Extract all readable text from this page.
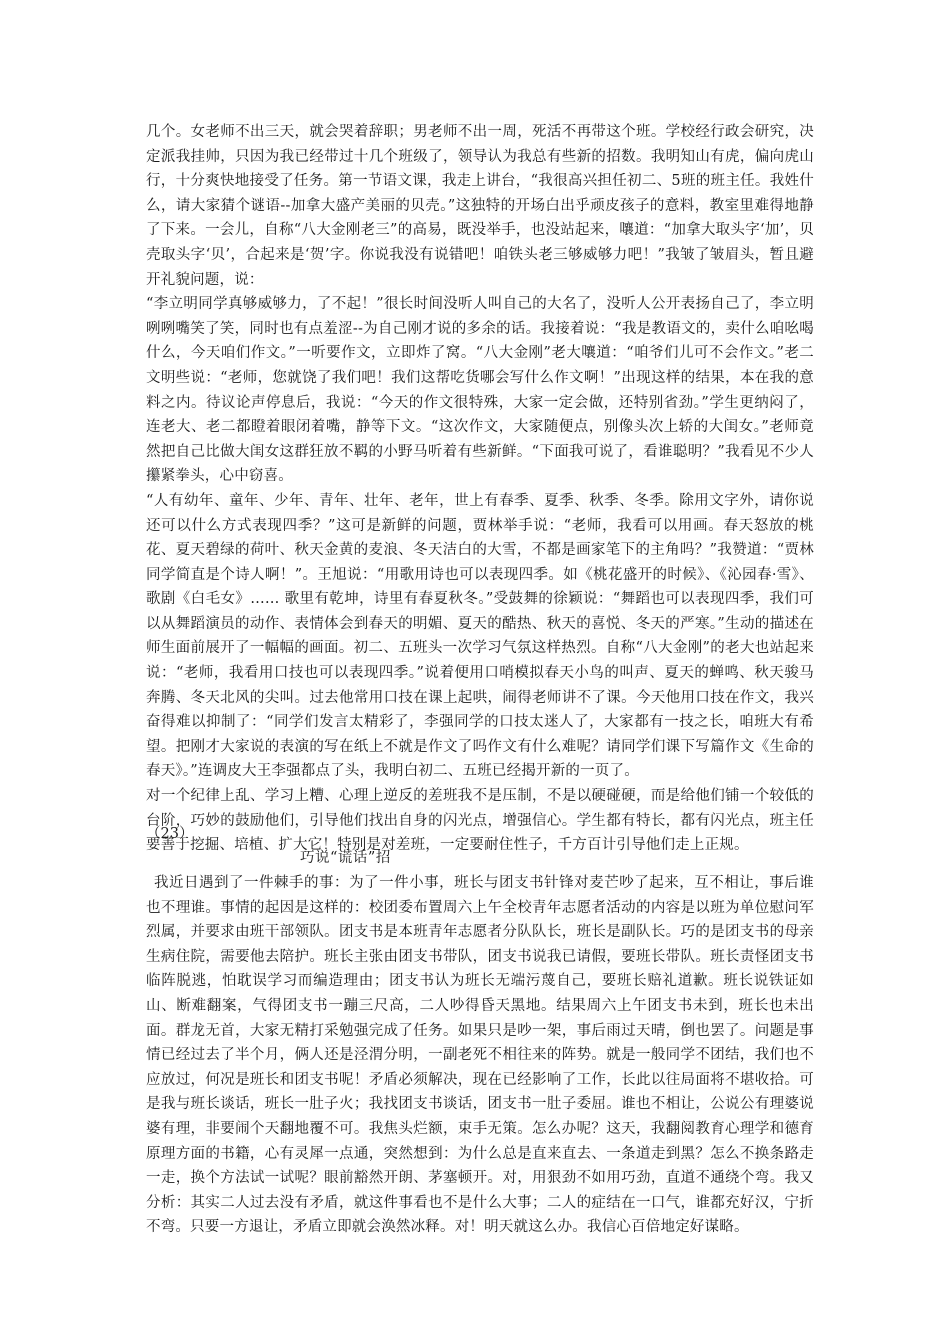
几个。女老师不出三天，就会哭着辞职；男老师不出一周，死活不再带这个班。学校经行政会研究，决定派我挂帅，只因为我已经带过十几个班级了，领导认为我总有些新的招数。我明知山有虎，偏向虎山行，十分爽快地接受了任务。第一节语文课，我走上讲台，“我很高兴担任初二、5班的班主任。我姓什么，请大家猜个谜语--加拿大盛产美丽的贝壳。”这独特的开场白出乎顽皮孩子的意料，教室里难得地静了下来。一会儿，自称“八大金刚老三”的高易，既没举手，也没站起来，嚷道：“加拿大取头字‘加’，贝壳取头字‘贝’，合起来是‘贺’字。你说我没有说错吧！咱铁头老三够威够力吧！”我皱了皱眉头，暂且避开礼貌问题，说：

“李立明同学真够威够力，了不起！”很长时间没听人叫自己的大名了，没听人公开表扬自己了，李立明咧咧嘴笑了笑，同时也有点羞涩--为自己刚才说的多余的话。我接着说：“我是教语文的，卖什么咱吆喝什么，今天咱们作文。”一听要作文，立即炸了窝。“八大金刚”老大嚷道：“咱爷们儿可不会作文。”老二文明些说：“老师，您就饶了我们吧！我们这帮吃货哪会写什么作文啊！”出现这样的结果，本在我的意料之内。待议论声停息后，我说：“今天的作文很特殊，大家一定会做，还特别省劲。”学生更纳闷了，连老大、老二都瞪着眼闭着嘴，静等下文。“这次作文，大家随便点，别像头次上轿的大闺女。”老师竟然把自己比做大闺女这群狂放不羁的小野马听着有些新鲜。“下面我可说了，看谁聪明？”我看见不少人攥紧拳头，心中窃喜。

“人有幼年、童年、少年、青年、壮年、老年，世上有春季、夏季、秋季、冬季。除用文字外，请你说还可以什么方式表现四季？”这可是新鲜的问题，贾林举手说：“老师，我看可以用画。春天怒放的桃花、夏天碧绿的荷叶、秋天金黄的麦浪、冬天洁白的大雪，不都是画家笔下的主角吗？”我赞道：“贾林同学简直是个诗人啊！”。王旭说：“用歌用诗也可以表现四季。如《桃花盛开的时候》、《沁园春·雪》、歌剧《白毛女》…… 歌里有乾坤，诗里有春夏秋冬。”受鼓舞的徐颖说：“舞蹈也可以表现四季，我们可以从舞蹈演员的动作、表情体会到春天的明媚、夏天的酷热、秋天的喜悦、冬天的严寒。”生动的描述在师生面前展开了一幅幅的画面。初二、五班头一次学习气氛这样热烈。自称“八大金刚”的老大也站起来说：“老师，我看用口技也可以表现四季。”说着便用口哨模拟春天小鸟的叫声、夏天的蝉鸣、秋天骏马奔腾、冬天北风的尖叫。过去他常用口技在课上起哄，闹得老师讲不了课。今天他用口技在作文，我兴奋得难以抑制了：“同学们发言太精彩了，李强同学的口技太迷人了，大家都有一技之长，咱班大有希望。把刚才大家说的表演的写在纸上不就是作文了吗作文有什么难呢？请同学们课下写篇作文《生命的春天》。”连调皮大王李强都点了头，我明白初二、五班已经揭开新的一页了。

对一个纪律上乱、学习上糟、心理上逆反的差班我不是压制，不是以硬碰硬，而是给他们铺一个较低的台阶，巧妙的鼓励他们，引导他们找出自身的闪光点，增强信心。学生都有特长，都有闪光点，班主任要善于挖掘、培植、扩大它！特别是对差班，一定要耐住性子，千方百计引导他们走上正规。

（23）
巧说“谎话”招

我近日遇到了一件棘手的事：为了一件小事，班长与团支书针锋对麦芒吵了起来，互不相让，事后谁也不理谁。事情的起因是这样的：校团委布置周六上午全校青年志愿者活动的内容是以班为单位慰问军烈属，并要求由班干部领队。团支书是本班青年志愿者分队队长，班长是副队长。巧的是团支书的母亲生病住院，需要他去陪护。班长主张由团支书带队，团支书说我已请假，要班长带队。班长责怪团支书临阵脱逃，怕耽误学习而编造理由；团支书认为班长无端污蔑自己，要班长赔礼道歉。班长说铁证如山、断难翻案，气得团支书一蹦三尺高，二人吵得昏天黑地。结果周六上午团支书未到，班长也未出面。群龙无首，大家无精打采勉强完成了任务。如果只是吵一架，事后雨过天晴，倒也罢了。问题是事情已经过去了半个月，俩人还是泾渭分明，一副老死不相往来的阵势。就是一般同学不团结，我们也不应放过，何况是班长和团支书呢！矛盾必须解决，现在已经影响了工作，长此以往局面将不堪收拾。可是我与班长谈话，班长一肚子火；我找团支书谈话，团支书一肚子委屈。谁也不相让，公说公有理婆说婆有理，非要闹个天翻地覆不可。我焦头烂额，束手无策。怎么办呢？这天，我翻阅教育心理学和德育原理方面的书籍，心有灵犀一点通，突然想到：为什么总是直来直去、一条道走到黑？怎么不换条路走一走，换个方法试一试呢？眼前豁然开朗、茅塞顿开。对，用狠劲不如用巧劲，直道不通绕个弯。我又分析：其实二人过去没有矛盾，就这件事看也不是什么大事；二人的症结在一口气，谁都充好汉，宁折不弯。只要一方退让，矛盾立即就会涣然冰释。对！明天就这么办。我信心百倍地定好谋略。
